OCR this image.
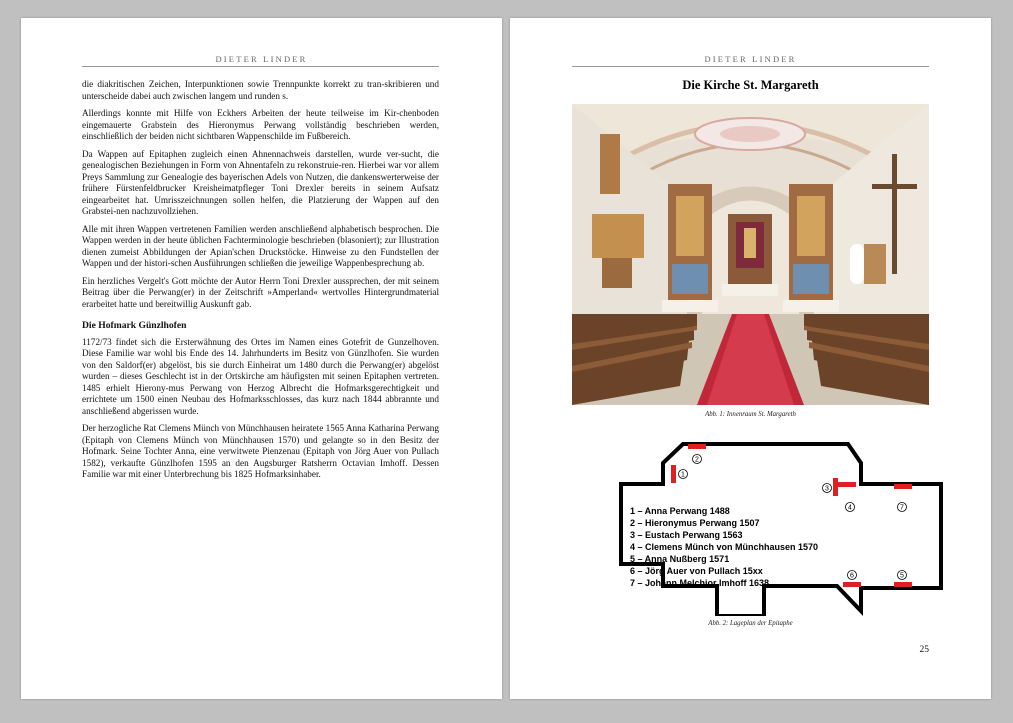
DIETER LINDER

die diakritischen Zeichen, Interpunktionen sowie Trennpunkte korrekt zu tran-skribieren und unterscheide dabei auch zwischen langem und runden s.

Allerdings konnte mit Hilfe von Eckhers Arbeiten der heute teilweise im Kir-chenboden eingemauerte Grabstein des Hieronymus Perwang vollständig beschrieben werden, einschließlich der beiden nicht sichtbaren Wappenschilde im Fußbereich.

Da Wappen auf Epitaphen zugleich einen Ahnennachweis darstellen, wurde ver-sucht, die genealogischen Beziehungen in Form von Ahnentafeln zu rekonstruie-ren. Hierbei war vor allem Preys Sammlung zur Genealogie des bayerischen Adels von Nutzen, die dankenswerterweise der frühere Fürstenfeldbrucker Kreisheimatpfleger Toni Drexler bereits in seinem Aufsatz eingearbeitet hat. Umrisszeichnungen sollen helfen, die Platzierung der Wappen auf den Grabstei-nen nachzuvollziehen.

Alle mit ihren Wappen vertretenen Familien werden anschließend alphabetisch besprochen. Die Wappen werden in der heute üblichen Fachterminologie beschrieben (blasoniert); zur Illustration dienen zumeist Abbildungen der Apian'schen Druckstöcke. Hinweise zu den Fundstellen der Wappen und der histori-schen Ausführungen schließen die jeweilige Wappenbesprechung ab.

Ein herzliches Vergelt's Gott möchte der Autor Herrn Toni Drexler aussprechen, der mit seinem Beitrag über die Perwang(er) in der Zeitschrift »Amperland« wertvolles Hintergrundmaterial erarbeitet hatte und bereitwillig Auskunft gab.

Die Hofmark Günzlhofen

1172/73 findet sich die Ersterwähnung des Ortes im Namen eines Gotefrit de Gunzelhoven. Diese Familie war wohl bis Ende des 14. Jahrhunderts im Besitz von Günzlhofen. Sie wurden von den Saldorf(er) abgelöst, bis sie durch Einheirat um 1480 durch die Perwang(er) abgelöst wurden – dieses Geschlecht ist in der Ortskirche am häufigsten mit seinen Epitaphen vertreten. 1485 erhielt Hierony-mus Perwang von Herzog Albrecht die Hofmarksgerechtigkeit und errichtete um 1500 einen Neubau des Hofmarksschlosses, das kurz nach 1844 abbrannte und anschließend abgerissen wurde.

Der herzogliche Rat Clemens Münch von Münchhausen heiratete 1565 Anna Katharina Perwang (Epitaph von Clemens Münch von Münchhausen 1570) und gelangte so in den Besitz der Hofmark. Seine Tochter Anna, eine verwitwete Pienzenau (Epitaph von Jörg Auer von Pullach 1582), verkaufte Günzlhofen 1595 an den Augsburger Ratsherrn Octavian Imhoff. Dessen Familie war mit einer Unterbrechung bis 1825 Hofmarksinhaber.

DIETER LINDER
Die Kirche St. Margareth
Abb. 1: Innenraum St. Margareth
1
2
3
4	7
6	5
1 – Anna Perwang 1488
2 – Hieronymus Perwang 1507
3 – Eustach Perwang 1563
4 – Clemens Münch von Münchhausen 1570
5 – Anna Nußberg 1571
6 – Jörg Auer von Pullach 15xx
7 – Johann Melchior Imhoff 1638
Abb. 2: Lageplan der Epitaphe
25
